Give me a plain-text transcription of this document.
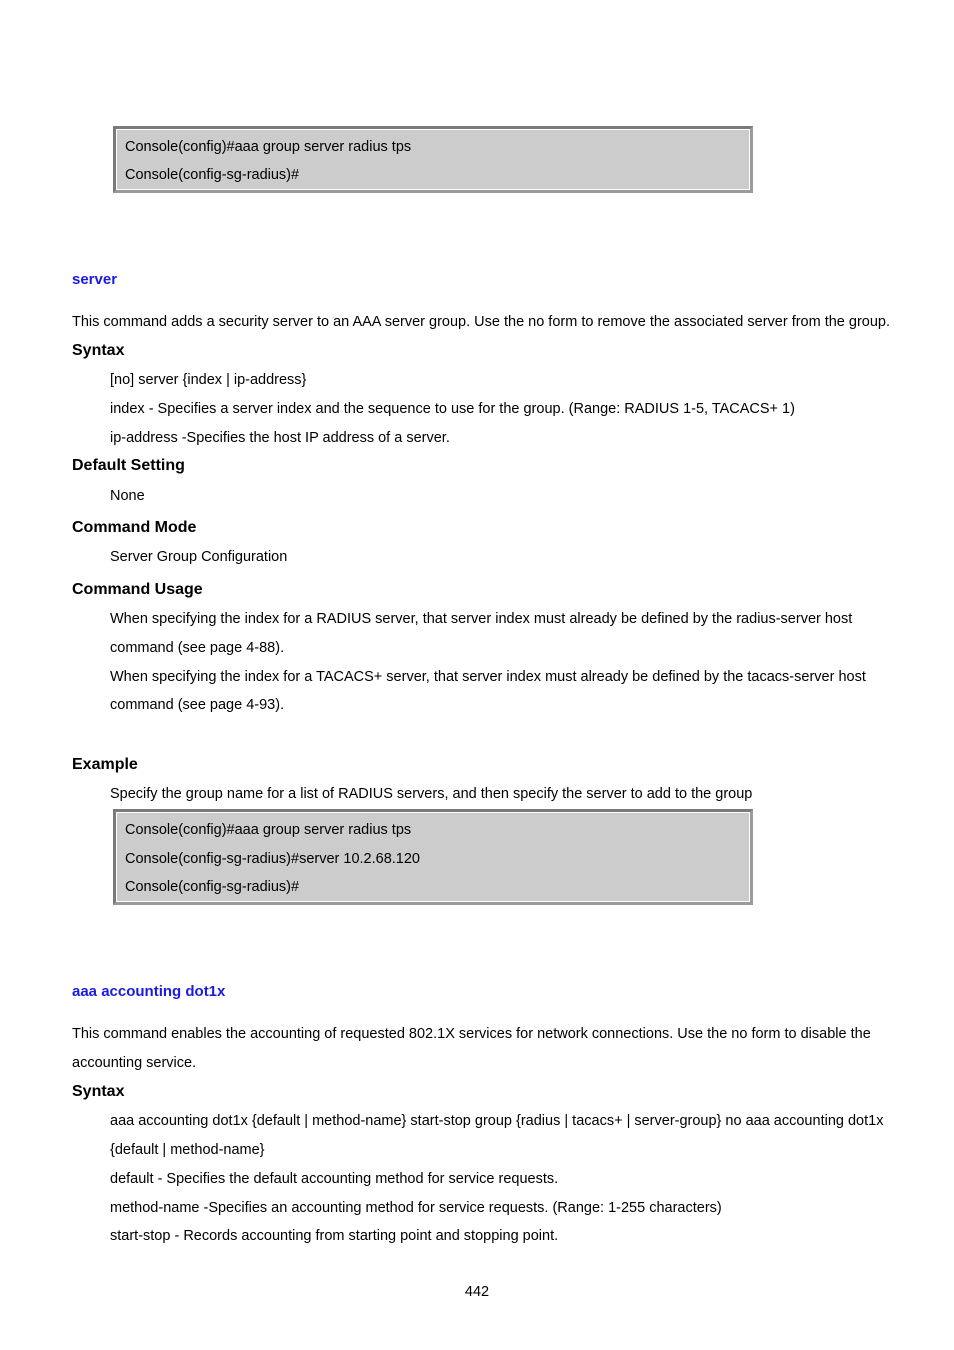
Console(config)#aaa group server radius tps
Console(config-sg-radius)#
server
This command adds a security server to an AAA server group. Use the no form to remove the associated server from the group.
Syntax
[no] server {index | ip-address}
index - Specifies a server index and the sequence to use for the group. (Range: RADIUS 1-5, TACACS+ 1)
ip-address -Specifies the host IP address of a server.
Default Setting
None
Command Mode
Server Group Configuration
Command Usage
When specifying the index for a RADIUS server, that server index must already be defined by the radius-server host
command (see page 4-88).
When specifying the index for a TACACS+ server, that server index must already be defined by the tacacs-server host
command (see page 4-93).
Example
Specify the group name for a list of RADIUS servers, and then specify the server to add to the group
Console(config)#aaa group server radius tps
Console(config-sg-radius)#server 10.2.68.120
Console(config-sg-radius)#
aaa accounting dot1x
This command enables the accounting of requested 802.1X services for network connections. Use the no form to disable the
accounting service.
Syntax
aaa accounting dot1x {default | method-name} start-stop group {radius | tacacs+ | server-group} no aaa accounting dot1x
{default | method-name}
default - Specifies the default accounting method for service requests.
method-name -Specifies an accounting method for service requests. (Range: 1-255 characters)
start-stop - Records accounting from starting point and stopping point.
442
